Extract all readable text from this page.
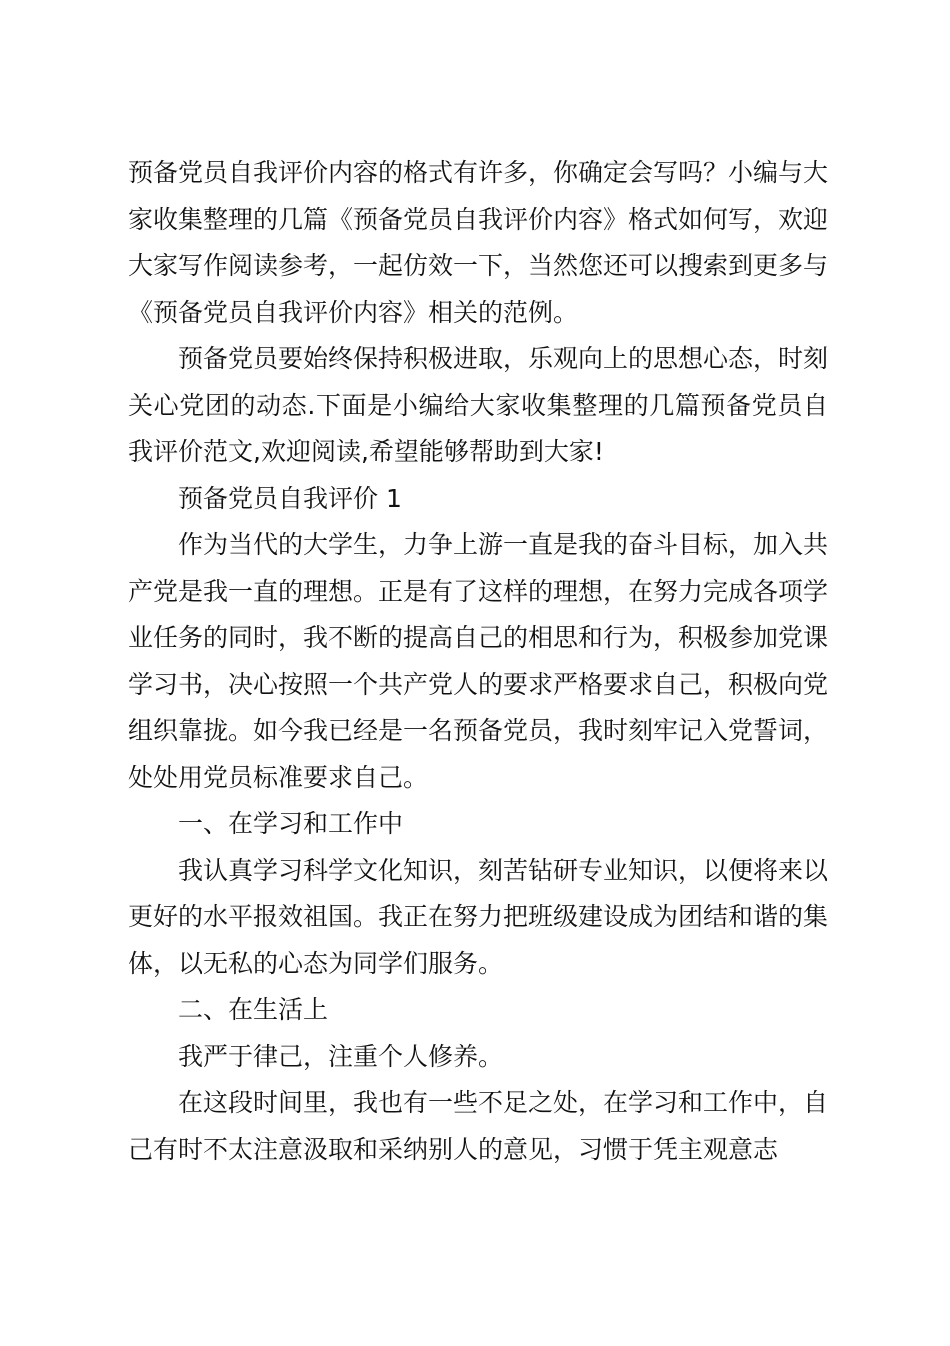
预备党员自我评价内容的格式有许多，你确定会写吗？小编与大家收集整理的几篇《预备党员自我评价内容》格式如何写，欢迎大家写作阅读参考，一起仿效一下，当然您还可以搜索到更多与《预备党员自我评价内容》相关的范例。

预备党员要始终保持积极进取，乐观向上的思想心态，时刻关心党团的动态.下面是小编给大家收集整理的几篇预备党员自我评价范文,欢迎阅读,希望能够帮助到大家!

预备党员自我评价 1

作为当代的大学生，力争上游一直是我的奋斗目标，加入共产党是我一直的理想。正是有了这样的理想，在努力完成各项学业任务的同时，我不断的提高自己的相思和行为，积极参加党课学习书，决心按照一个共产党人的要求严格要求自己，积极向党组织靠拢。如今我已经是一名预备党员，我时刻牢记入党誓词，处处用党员标准要求自己。

一、在学习和工作中

我认真学习科学文化知识，刻苦钻研专业知识，以便将来以更好的水平报效祖国。我正在努力把班级建设成为团结和谐的集体，以无私的心态为同学们服务。

二、在生活上

我严于律己，注重个人修养。

在这段时间里，我也有一些不足之处，在学习和工作中，自己有时不太注意汲取和采纳别人的意见，习惯于凭主观意志
